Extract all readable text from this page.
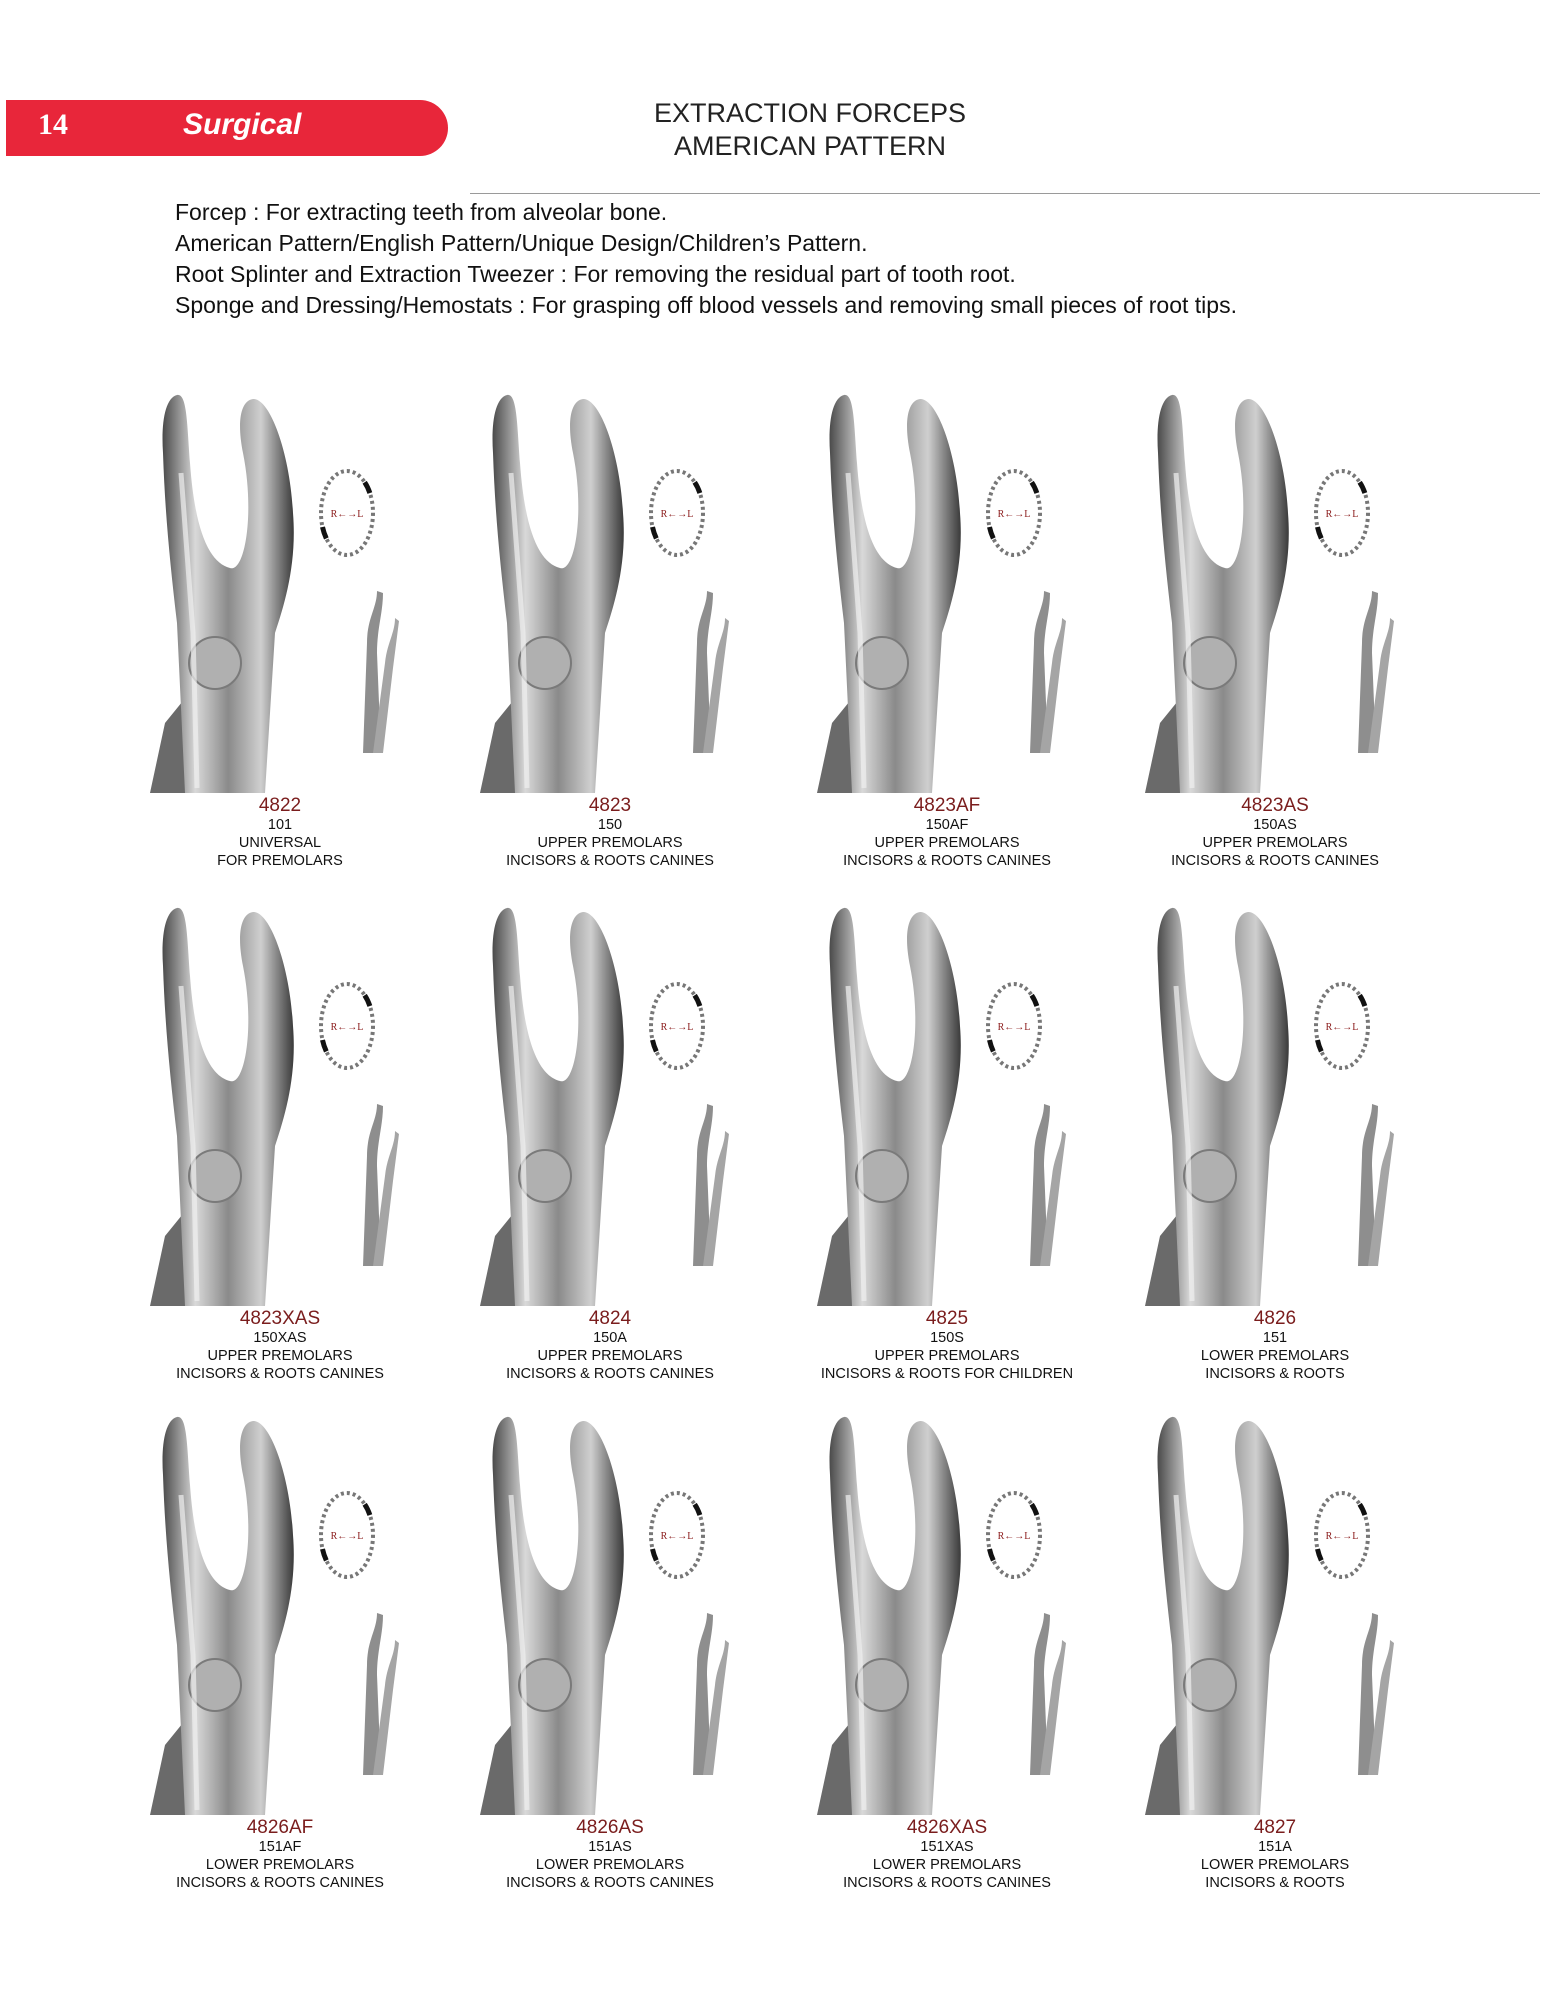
14	Surgical	EXTRACTION FORCEPS
AMERICAN PATTERN
Forcep : For extracting teeth from alveolar bone.
American Pattern/English Pattern/Unique Design/Children’s Pattern.
Root Splinter and Extraction Tweezer : For removing the residual part of tooth root.
Sponge and Dressing/Hemostats : For grasping off blood vessels and removing small pieces of root tips.
R←→L
4822
101
UNIVERSAL
FOR PREMOLARS
R←→L
4823
150
UPPER PREMOLARS
INCISORS & ROOTS CANINES
R←→L
4823AF
150AF
UPPER PREMOLARS
INCISORS & ROOTS CANINES
R←→L
4823AS
150AS
UPPER PREMOLARS
INCISORS & ROOTS CANINES
R←→L
4823XAS
150XAS
UPPER PREMOLARS
INCISORS & ROOTS CANINES
R←→L
4824
150A
UPPER PREMOLARS
INCISORS & ROOTS CANINES
R←→L
4825
150S
UPPER PREMOLARS
INCISORS & ROOTS FOR CHILDREN
R←→L
4826
151
LOWER PREMOLARS
INCISORS & ROOTS
R←→L
4826AF
151AF
LOWER PREMOLARS
INCISORS & ROOTS CANINES
R←→L
4826AS
151AS
LOWER PREMOLARS
INCISORS & ROOTS CANINES
R←→L
4826XAS
151XAS
LOWER PREMOLARS
INCISORS & ROOTS CANINES
R←→L
4827
151A
LOWER PREMOLARS
INCISORS & ROOTS
